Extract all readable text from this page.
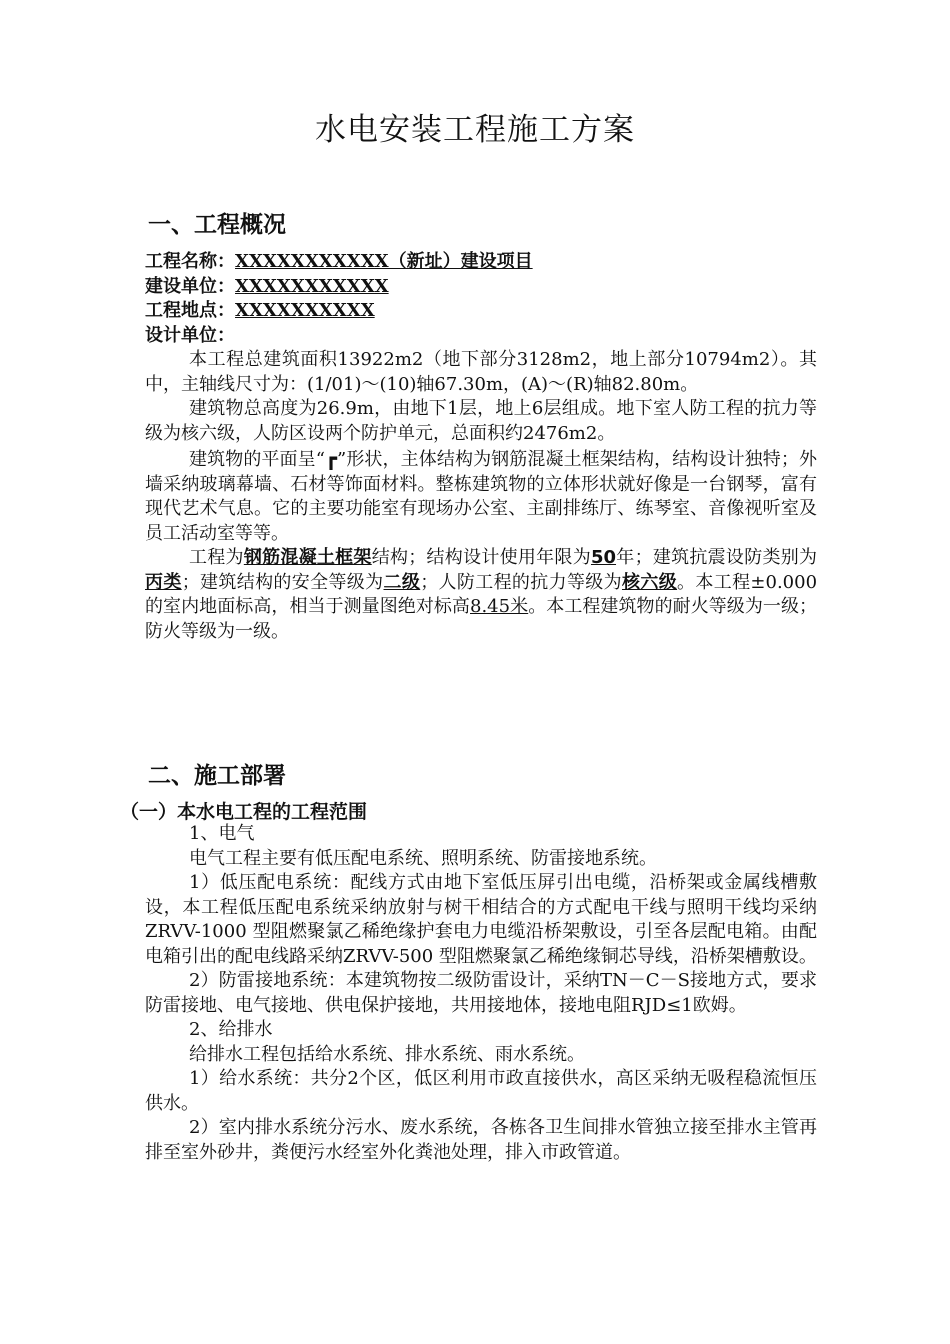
水电安装工程施工方案
一、工程概况
工程名称：XXXXXXXXXXX（新址）建设项目
建设单位：XXXXXXXXXXX
工程地点：XXXXXXXXXX
设计单位：

本工程总建筑面积13922m2（地下部分3128m2，地上部分10794m2）。其中，主轴线尺寸为：(1/01)～(10)轴67.30m，(A)～(R)轴82.80m。

建筑物总高度为26.9m，由地下1层，地上6层组成。地下室人防工程的抗力等级为核六级，人防区设两个防护单元，总面积约2476m2。

建筑物的平面呈“┏”形状，主体结构为钢筋混凝土框架结构，结构设计独特；外墙采纳玻璃幕墙、石材等饰面材料。整栋建筑物的立体形状就好像是一台钢琴，富有现代艺术气息。它的主要功能室有现场办公室、主副排练厅、练琴室、音像视听室及员工活动室等等。

工程为钢筋混凝土框架结构；结构设计使用年限为50年；建筑抗震设防类别为丙类；建筑结构的安全等级为二级；人防工程的抗力等级为核六级。本工程±0.000的室内地面标高，相当于测量图绝对标高8.45米。本工程建筑物的耐火等级为一级；防火等级为一级。

二、施工部署
（一）本水电工程的工程范围

1、电气

电气工程主要有低压配电系统、照明系统、防雷接地系统。

1）低压配电系统：配线方式由地下室低压屏引出电缆，沿桥架或金属线槽敷设，本工程低压配电系统采纳放射与树干相结合的方式配电干线与照明干线均采纳ZRVV-1000 型阻燃聚氯乙稀绝缘护套电力电缆沿桥架敷设，引至各层配电箱。由配电箱引出的配电线路采纳ZRVV-500 型阻燃聚氯乙稀绝缘铜芯导线，沿桥架槽敷设。

2）防雷接地系统：本建筑物按二级防雷设计，采纳TN－C－S接地方式，要求防雷接地、电气接地、供电保护接地，共用接地体，接地电阻RJD≤1欧姆。

2、给排水

给排水工程包括给水系统、排水系统、雨水系统。

1）给水系统：共分2个区，低区利用市政直接供水，高区采纳无吸程稳流恒压供水。

2）室内排水系统分污水、废水系统，各栋各卫生间排水管独立接至排水主管再排至室外砂井，粪便污水经室外化粪池处理，排入市政管道。
